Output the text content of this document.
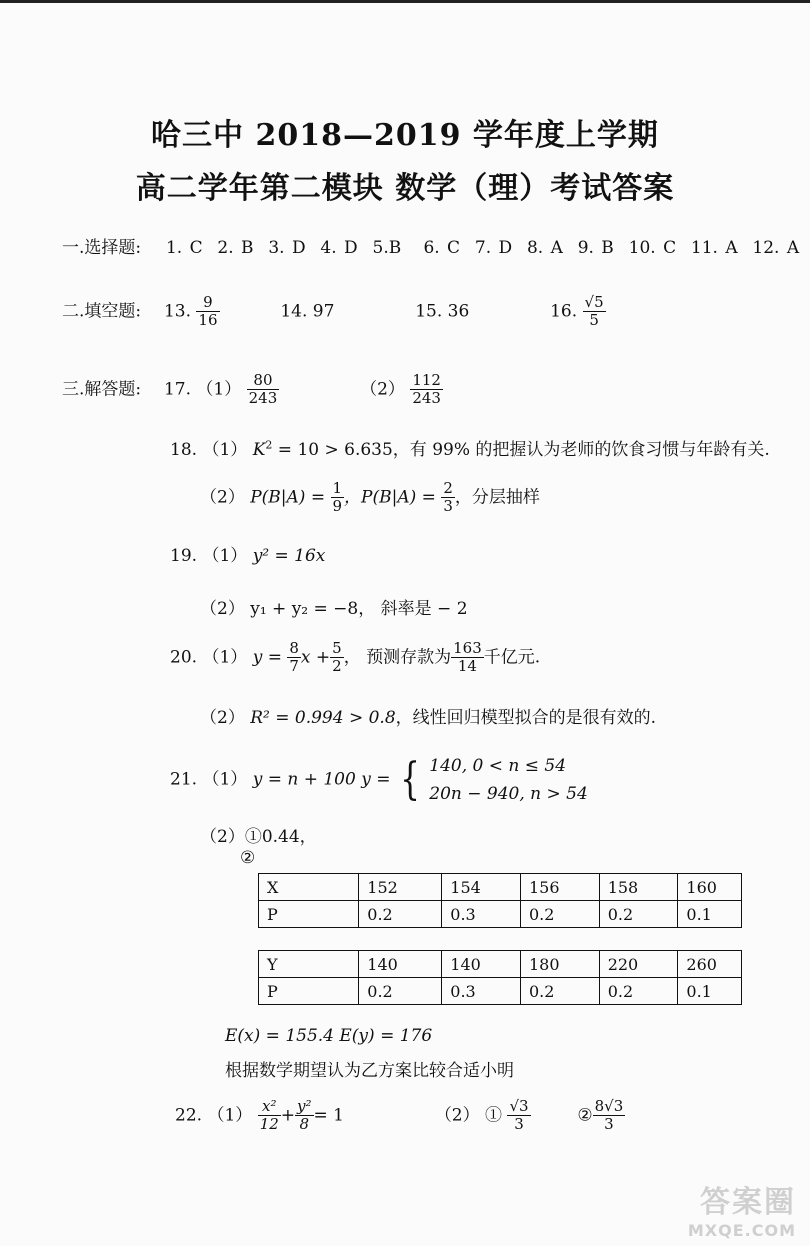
哈三中 2018—2019 学年度上学期
高二学年第二模块 数学（理）考试答案
一.选择题: 1. C 2. B 3. D 4. D 5.B 6. C 7. D 8. A 9. B 10. C 11. A 12. A
二.填空题: 13. $\frac{9}{16}$	14. 97	15. 36	16. $\frac{√5}{5}$
三.解答题: 17. $(1) \frac{80}{243}$	$(2) \frac{112}{243}$
18. （1） $K^2 = 10 > 6.635$，有 99% 的把握认为老师的饮食习惯与年龄有关.
（2） $P(B|A) = \frac{1}{9}$ ，$P(B|A) = \frac{2}{3}$ ，分层抽样
19. （1） y² = 16x
（2） y₁ + y₂ = −8， 斜率是 − 2
20. （1） $y = \frac{8}{7}$ $x + \frac{5}{2}$ ， 预测存款为 $\frac{163}{14}$ 千亿元.
（2） R² = 0.994 > 0.8，线性回归模型拟合的是很有效的.
21. （1） y = n + 100 y = { 140, 0 < n ≤ 54
20n − 940, n > 54
（2）①0.44，
②
X	152	154	156	158	160
P	0.2	0.3	0.2	0.2	0.1
Y	140	140	180	220	260
P	0.2	0.3	0.2	0.2	0.1
E(x) = 155.4 E(y) = 176
根据数学期望认为乙方案比较合适小明
22. $(1) \frac{\text{x²}}{12} + \frac{\text{y²}}{8} = 1$	（2） ① $\frac{√3}{3}$	② $\frac{8√3}{3}$
答案圈
MXQE.COM
